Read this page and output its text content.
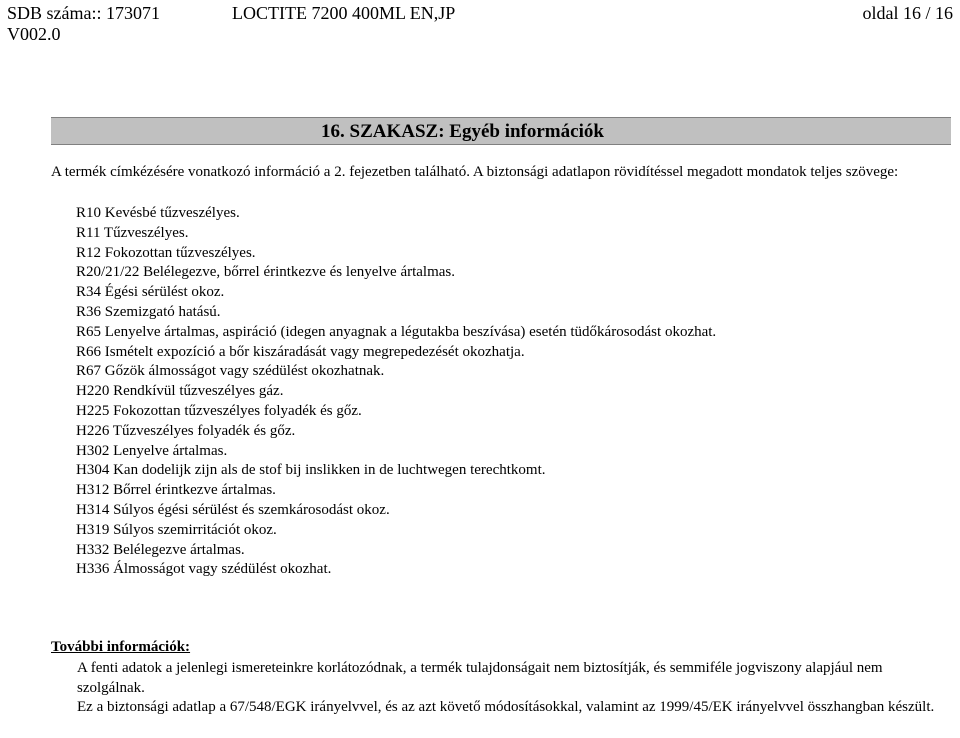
SDB száma:: 173071	LOCTITE 7200 400ML EN,JP	oldal 16 / 16
V002.0
16. SZAKASZ: Egyéb információk
A termék címkézésére vonatkozó információ a 2. fejezetben található. A biztonsági adatlapon rövidítéssel megadott mondatok teljes szövege:
R10 Kevésbé tűzveszélyes.
R11 Tűzveszélyes.
R12 Fokozottan tűzveszélyes.
R20/21/22 Belélegezve, bőrrel érintkezve és lenyelve ártalmas.
R34 Égési sérülést okoz.
R36 Szemizgató hatású.
R65 Lenyelve ártalmas, aspiráció (idegen anyagnak a légutakba beszívása) esetén tüdőkárosodást okozhat.
R66 Ismételt expozíció a bőr kiszáradását vagy megrepedezését okozhatja.
R67 Gőzök álmosságot vagy szédülést okozhatnak.
H220 Rendkívül tűzveszélyes gáz.
H225 Fokozottan tűzveszélyes folyadék és gőz.
H226 Tűzveszélyes folyadék és gőz.
H302 Lenyelve ártalmas.
H304 Kan dodelijk zijn als de stof bij inslikken in de luchtwegen terechtkomt.
H312 Bőrrel érintkezve ártalmas.
H314 Súlyos égési sérülést és szemkárosodást okoz.
H319 Súlyos szemirritációt okoz.
H332 Belélegezve ártalmas.
H336 Álmosságot vagy szédülést okozhat.
További információk:

A fenti adatok a jelenlegi ismereteinkre korlátozódnak, a termék tulajdonságait nem biztosítják, és semmiféle jogviszony alapjául nem szolgálnak.

Ez a biztonsági adatlap a 67/548/EGK irányelvvel, és az azt követő módosításokkal, valamint az 1999/45/EK irányelvvel összhangban készült.
